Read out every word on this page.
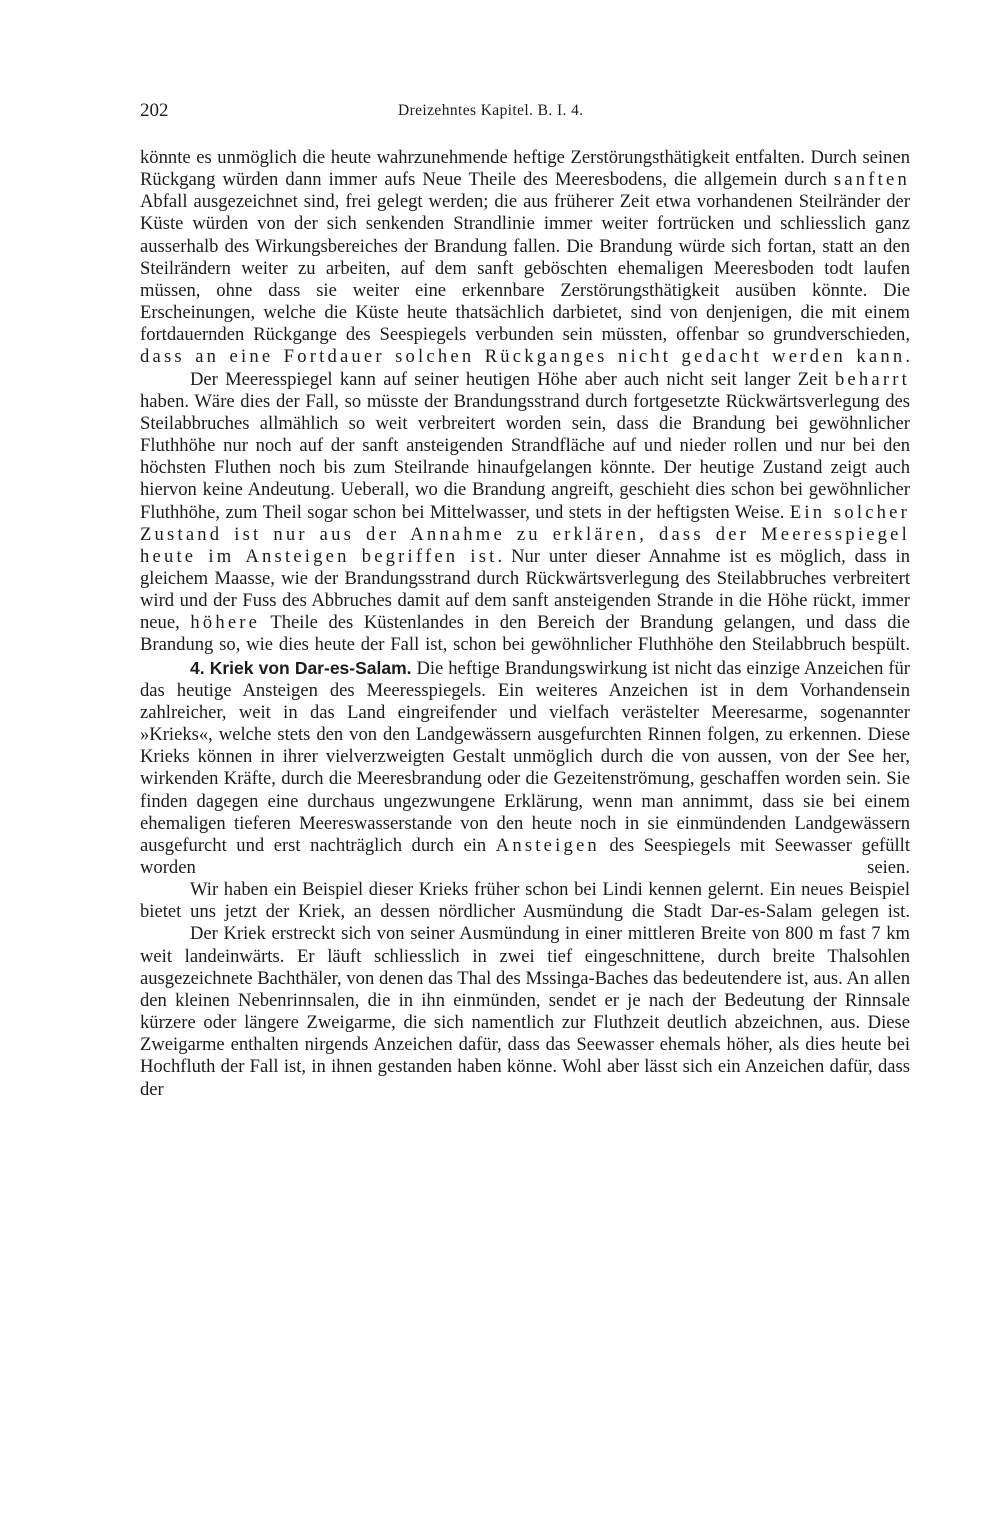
202	Dreizehntes Kapitel. B. I. 4.

könnte es unmöglich die heute wahrzunehmende heftige Zerstörungsthätigkeit entfalten. Durch seinen Rückgang würden dann immer aufs Neue Theile des Meeresbodens, die allgemein durch sanften Abfall ausgezeichnet sind, frei gelegt werden; die aus früherer Zeit etwa vorhandenen Steilränder der Küste würden von der sich senkenden Strandlinie immer weiter fortrücken und schliesslich ganz ausserhalb des Wirkungsbereiches der Brandung fallen. Die Brandung würde sich fortan, statt an den Steilrändern weiter zu arbeiten, auf dem sanft geböschten ehemaligen Meeresboden todt laufen müssen, ohne dass sie weiter eine erkennbare Zerstörungsthätigkeit ausüben könnte. Die Erscheinungen, welche die Küste heute thatsächlich darbietet, sind von denjenigen, die mit einem fortdauernden Rückgange des Seespiegels verbunden sein müssten, offenbar so grundverschieden, dass an eine Fortdauer solchen Rückganges nicht gedacht werden kann.

Der Meeresspiegel kann auf seiner heutigen Höhe aber auch nicht seit langer Zeit beharrt haben. Wäre dies der Fall, so müsste der Brandungsstrand durch fortgesetzte Rückwärtsverlegung des Steilabbruches allmählich so weit verbreitert worden sein, dass die Brandung bei gewöhnlicher Fluthhöhe nur noch auf der sanft ansteigenden Strandfläche auf und nieder rollen und nur bei den höchsten Fluthen noch bis zum Steilrande hinaufgelangen könnte. Der heutige Zustand zeigt auch hiervon keine Andeutung. Ueberall, wo die Brandung angreift, geschieht dies schon bei gewöhnlicher Fluthhöhe, zum Theil sogar schon bei Mittelwasser, und stets in der heftigsten Weise. Ein solcher Zustand ist nur aus der Annahme zu erklären, dass der Meeresspiegel heute im Ansteigen begriffen ist. Nur unter dieser Annahme ist es möglich, dass in gleichem Maasse, wie der Brandungsstrand durch Rückwärtsverlegung des Steilabbruches verbreitert wird und der Fuss des Abbruches damit auf dem sanft ansteigenden Strande in die Höhe rückt, immer neue, höhere Theile des Küstenlandes in den Bereich der Brandung gelangen, und dass die Brandung so, wie dies heute der Fall ist, schon bei gewöhnlicher Fluthhöhe den Steilabbruch bespült.

4. Kriek von Dar-es-Salam. Die heftige Brandungswirkung ist nicht das einzige Anzeichen für das heutige Ansteigen des Meeresspiegels. Ein weiteres Anzeichen ist in dem Vorhandensein zahlreicher, weit in das Land eingreifender und vielfach verästelter Meeresarme, sogenannter »Krieks«, welche stets den von den Landgewässern ausgefurchten Rinnen folgen, zu erkennen. Diese Krieks können in ihrer vielverzweigten Gestalt unmöglich durch die von aussen, von der See her, wirkenden Kräfte, durch die Meeresbrandung oder die Gezeitenströmung, geschaffen worden sein. Sie finden dagegen eine durchaus ungezwungene Erklärung, wenn man annimmt, dass sie bei einem ehemaligen tieferen Meereswasserstande von den heute noch in sie einmündenden Landgewässern ausgefurcht und erst nachträglich durch ein Ansteigen des Seespiegels mit Seewasser gefüllt worden seien.

Wir haben ein Beispiel dieser Krieks früher schon bei Lindi kennen gelernt. Ein neues Beispiel bietet uns jetzt der Kriek, an dessen nördlicher Ausmündung die Stadt Dar-es-Salam gelegen ist.

Der Kriek erstreckt sich von seiner Ausmündung in einer mittleren Breite von 800 m fast 7 km weit landeinwärts. Er läuft schliesslich in zwei tief eingeschnittene, durch breite Thalsohlen ausgezeichnete Bachthäler, von denen das Thal des Mssinga-Baches das bedeutendere ist, aus. An allen den kleinen Nebenrinnsalen, die in ihn einmünden, sendet er je nach der Bedeutung der Rinnsale kürzere oder längere Zweigarme, die sich namentlich zur Fluthzeit deutlich abzeichnen, aus. Diese Zweigarme enthalten nirgends Anzeichen dafür, dass das Seewasser ehemals höher, als dies heute bei Hochfluth der Fall ist, in ihnen gestanden haben könne. Wohl aber lässt sich ein Anzeichen dafür, dass der
